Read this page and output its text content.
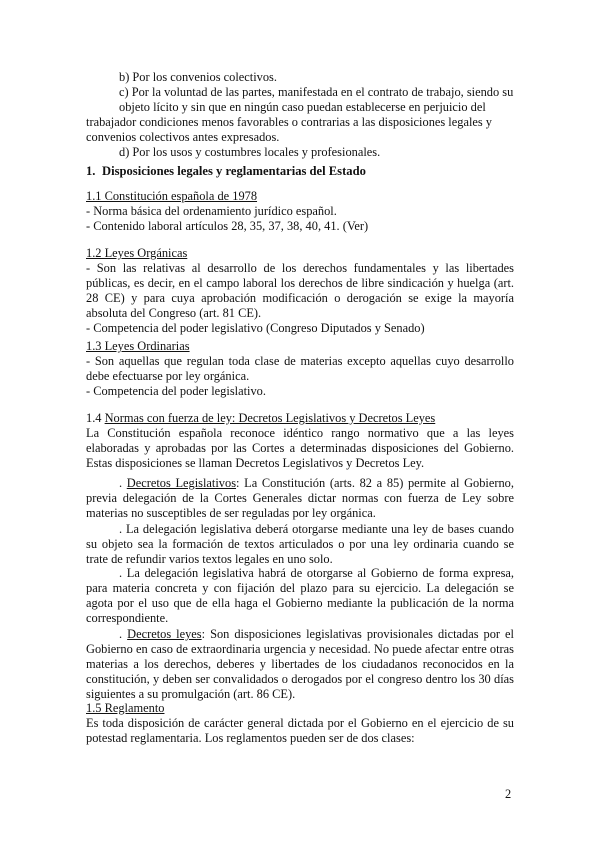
b) Por los convenios colectivos.
c) Por la voluntad de las partes, manifestada en el contrato de trabajo, siendo su
objeto lícito y sin que en ningún caso puedan establecerse en perjuicio del
trabajador condiciones menos favorables o contrarias a las disposiciones legales y convenios colectivos antes expresados.
d) Por los usos y costumbres locales y profesionales.
1. Disposiciones legales y reglamentarias del Estado
1.1 Constitución española de 1978
- Norma básica del ordenamiento jurídico español.
- Contenido laboral artículos 28, 35, 37, 38, 40, 41. (Ver)
1.2 Leyes Orgánicas
- Son las relativas al desarrollo de los derechos fundamentales y las libertades públicas, es decir, en el campo laboral los derechos de libre sindicación y huelga (art. 28 CE) y para cuya aprobación modificación o derogación se exige la mayoría absoluta del Congreso (art. 81 CE).
- Competencia del poder legislativo (Congreso Diputados y Senado)
1.3 Leyes Ordinarias
- Son aquellas que regulan toda clase de materias excepto aquellas cuyo desarrollo debe efectuarse por ley orgánica.
- Competencia del poder legislativo.
1.4 Normas con fuerza de ley: Decretos Legislativos y Decretos Leyes
La Constitución española reconoce idéntico rango normativo que a las leyes elaboradas y aprobadas por las Cortes a determinadas disposiciones del Gobierno. Estas disposiciones se llaman Decretos Legislativos y Decretos Ley.
. Decretos Legislativos: La Constitución (arts. 82 a 85) permite al Gobierno, previa delegación de la Cortes Generales dictar normas con fuerza de Ley sobre materias no susceptibles de ser reguladas por ley orgánica.
. La delegación legislativa deberá otorgarse mediante una ley de bases cuando su objeto sea la formación de textos articulados o por una ley ordinaria cuando se trate de refundir varios textos legales en uno solo.
. La delegación legislativa habrá de otorgarse al Gobierno de forma expresa, para materia concreta y con fijación del plazo para su ejercicio. La delegación se agota por el uso que de ella haga el Gobierno mediante la publicación de la norma correspondiente.
. Decretos leyes: Son disposiciones legislativas provisionales dictadas por el Gobierno en caso de extraordinaria urgencia y necesidad. No puede afectar entre otras materias a los derechos, deberes y libertades de los ciudadanos reconocidos en la constitución, y deben ser convalidados o derogados por el congreso dentro los 30 días siguientes a su promulgación (art. 86 CE).
1.5 Reglamento
Es toda disposición de carácter general dictada por el Gobierno en el ejercicio de su potestad reglamentaria. Los reglamentos pueden ser de dos clases:
2
